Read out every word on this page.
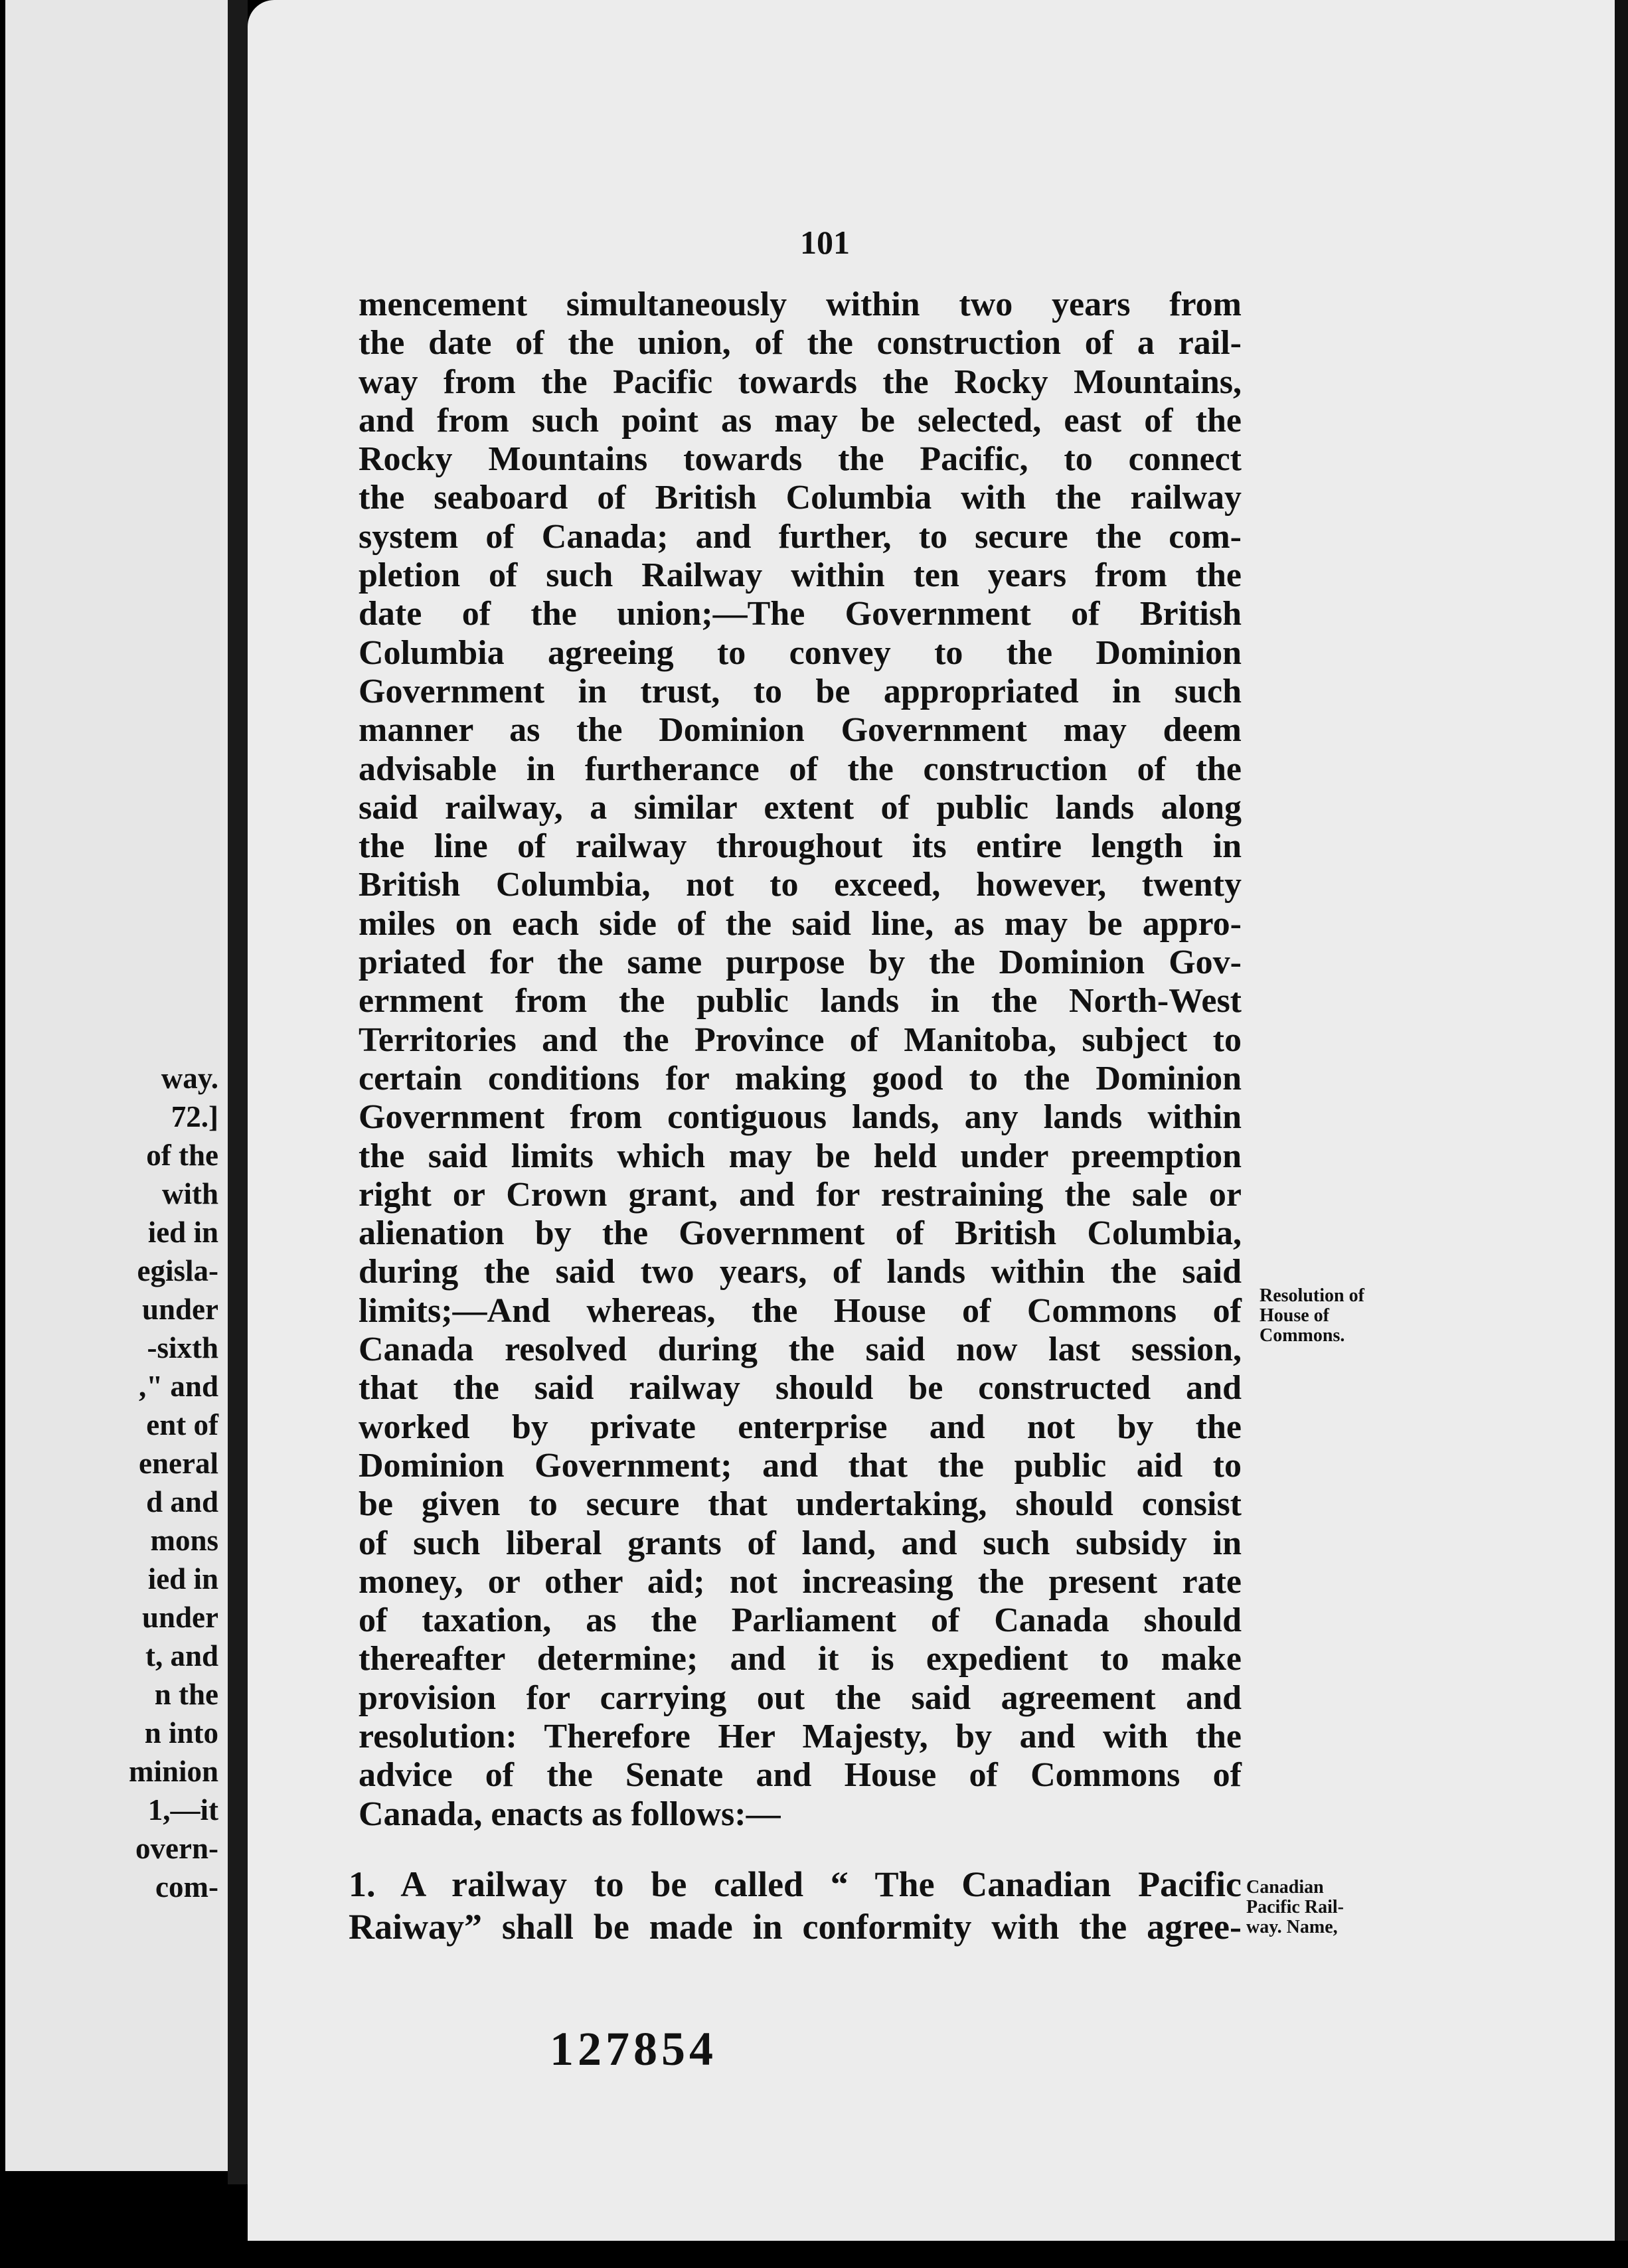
way.
72.]
of the
with
ied in
egisla-
under
-sixth
," and
ent of
eneral
d and
mons
ied in
under
t, and
n the
n into
minion
1,—it
overn-
com-
101
mencement simultaneously within two years from
the date of the union, of the construction of a rail-
way from the Pacific towards the Rocky Mountains,
and from such point as may be selected, east of the
Rocky Mountains towards the Pacific, to connect
the seaboard of British Columbia with the railway
system of Canada; and further, to secure the com-
pletion of such Railway within ten years from the
date of the union;—The Government of British
Columbia agreeing to convey to the Dominion
Government in trust, to be appropriated in such
manner as the Dominion Government may deem
advisable in furtherance of the construction of the
said railway, a similar extent of public lands along
the line of railway throughout its entire length in
British Columbia, not to exceed, however, twenty
miles on each side of the said line, as may be appro-
priated for the same purpose by the Dominion Gov-
ernment from the public lands in the North-West
Territories and the Province of Manitoba, subject to
certain conditions for making good to the Dominion
Government from contiguous lands, any lands within
the said limits which may be held under preemption
right or Crown grant, and for restraining the sale or
alienation by the Government of British Columbia,
during the said two years, of lands within the said
limits;—And whereas, the House of Commons of
Canada resolved during the said now last session,
that the said railway should be constructed and
worked by private enterprise and not by the
Dominion Government; and that the public aid to
be given to secure that undertaking, should consist
of such liberal grants of land, and such subsidy in
money, or other aid; not increasing the present rate
of taxation, as the Parliament of Canada should
thereafter determine; and it is expedient to make
provision for carrying out the said agreement and
resolution: Therefore Her Majesty, by and with the
advice of the Senate and House of Commons of
Canada, enacts as follows:—
1. A railway to be called “ The Canadian Pacific
Raiway” shall be made in conformity with the agree-
Resolution of
House of
Commons.
Canadian
Pacific Rail-
way. Name,
127854
